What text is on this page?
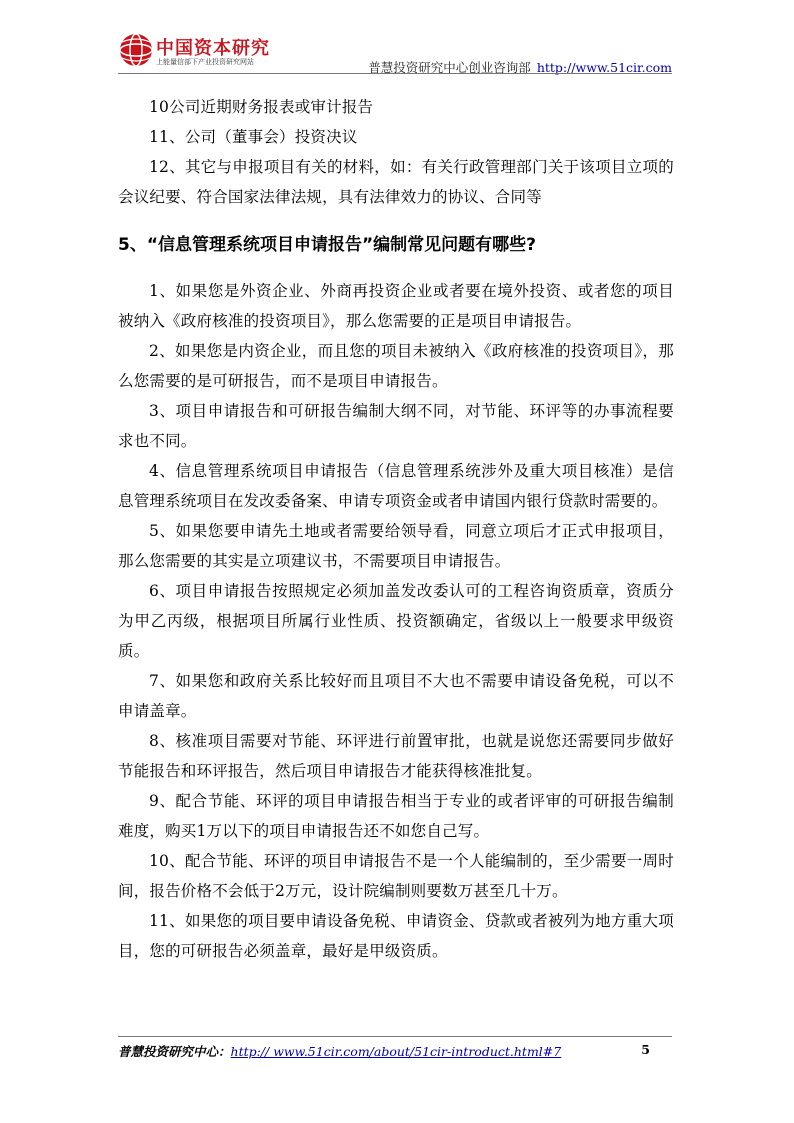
中国资本研究
上能量信部下产业投资研究网站	普慧投资研究中心创业咨询部 http://www.51cir.com

10公司近期财务报表或审计报告

11、公司（董事会）投资决议

12、其它与申报项目有关的材料，如：有关行政管理部门关于该项目立项的会议纪要、符合国家法律法规，具有法律效力的协议、合同等

5、“信息管理系统项目申请报告”编制常见问题有哪些?

1、如果您是外资企业、外商再投资企业或者要在境外投资、或者您的项目被纳入《政府核准的投资项目》，那么您需要的正是项目申请报告。

2、如果您是内资企业，而且您的项目未被纳入《政府核准的投资项目》，那么您需要的是可研报告，而不是项目申请报告。

3、项目申请报告和可研报告编制大纲不同，对节能、环评等的办事流程要求也不同。

4、信息管理系统项目申请报告（信息管理系统涉外及重大项目核准）是信息管理系统项目在发改委备案、申请专项资金或者申请国内银行贷款时需要的。

5、如果您要申请先土地或者需要给领导看，同意立项后才正式申报项目，那么您需要的其实是立项建议书，不需要项目申请报告。

6、项目申请报告按照规定必须加盖发改委认可的工程咨询资质章，资质分为甲乙丙级，根据项目所属行业性质、投资额确定，省级以上一般要求甲级资质。

7、如果您和政府关系比较好而且项目不大也不需要申请设备免税，可以不申请盖章。

8、核准项目需要对节能、环评进行前置审批，也就是说您还需要同步做好节能报告和环评报告，然后项目申请报告才能获得核准批复。

9、配合节能、环评的项目申请报告相当于专业的或者评审的可研报告编制难度，购买1万以下的项目申请报告还不如您自己写。

10、配合节能、环评的项目申请报告不是一个人能编制的，至少需要一周时间，报告价格不会低于2万元，设计院编制则要数万甚至几十万。

11、如果您的项目要申请设备免税、申请资金、贷款或者被列为地方重大项目，您的可研报告必须盖章，最好是甲级资质。

普慧投资研究中心：http:// www.51cir.com/about/51cir-introduct.html#7	5
